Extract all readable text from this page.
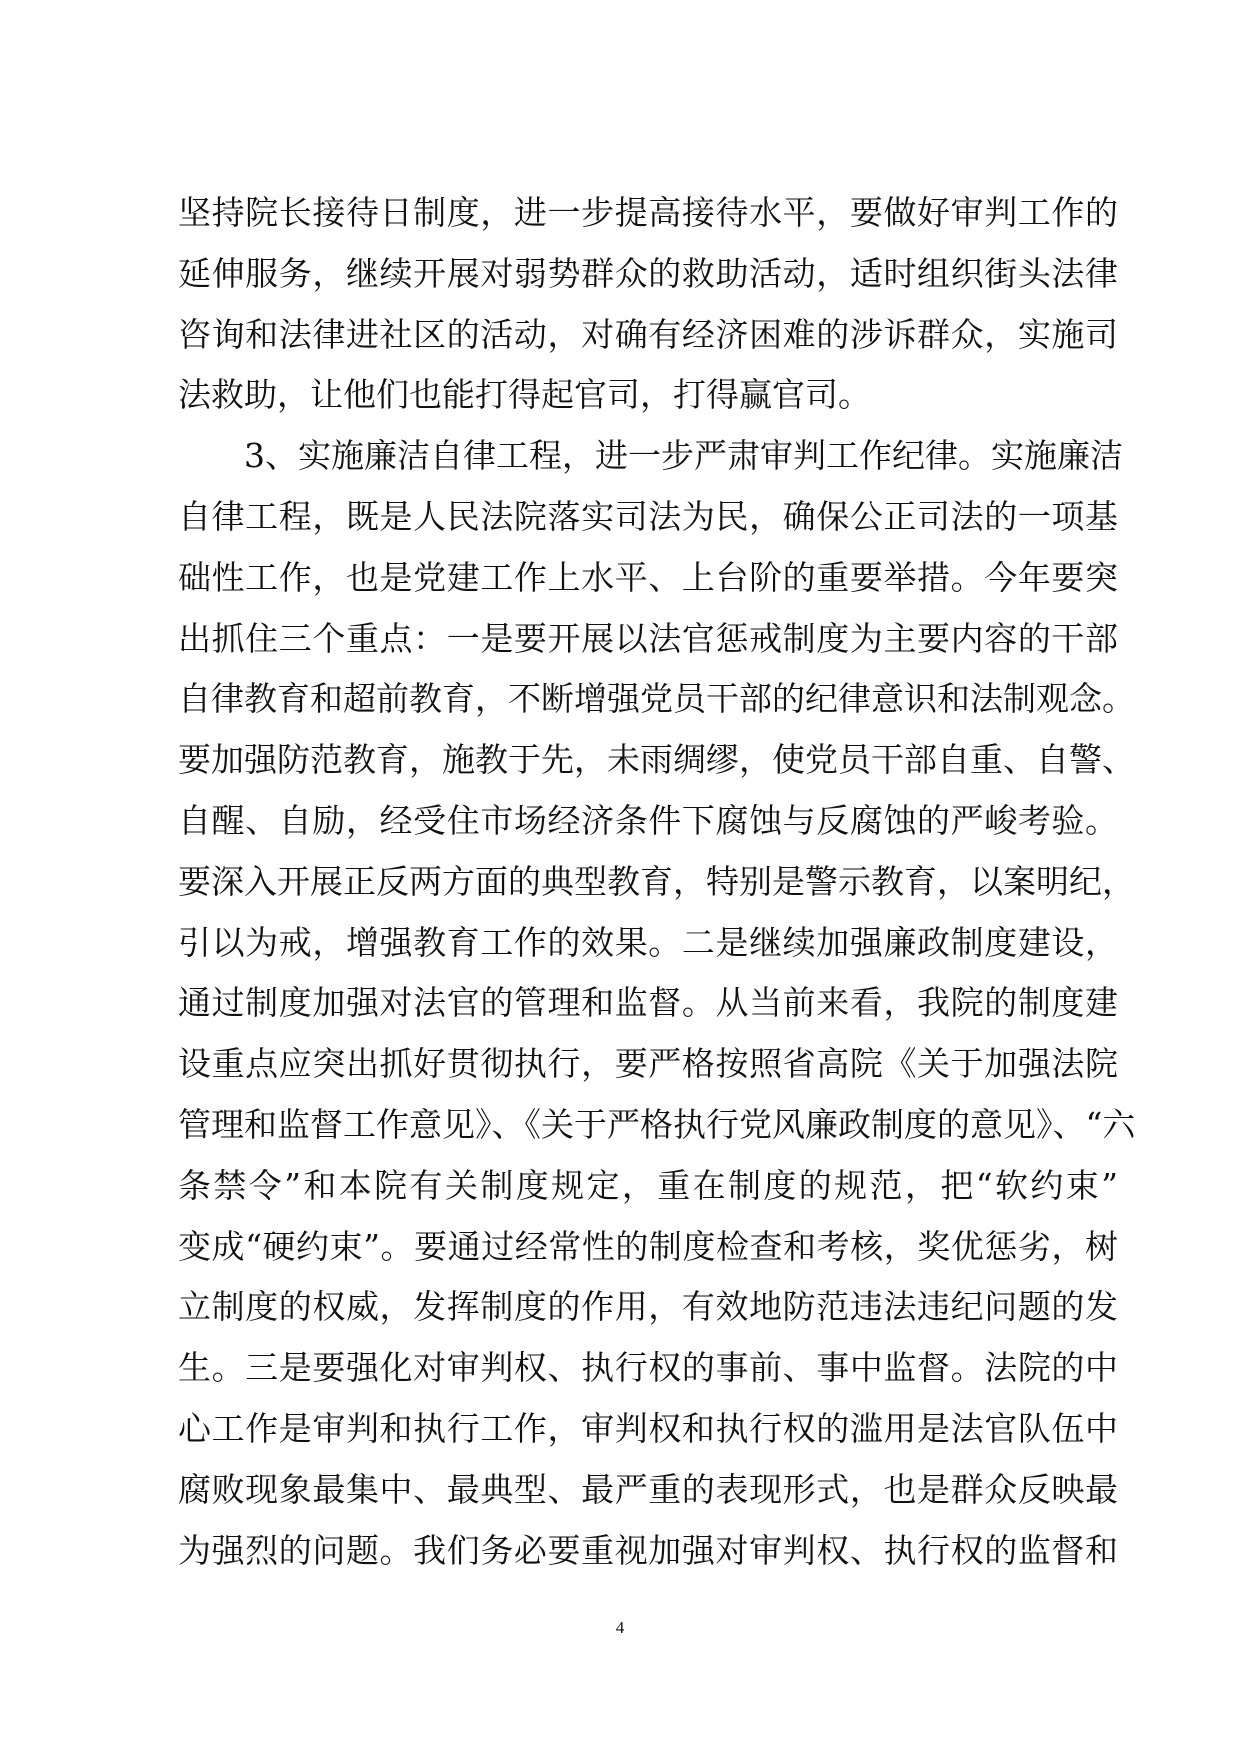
坚持院长接待日制度，进一步提高接待水平，要做好审判工作的
延伸服务，继续开展对弱势群众的救助活动，适时组织街头法律
咨询和法律进社区的活动，对确有经济困难的涉诉群众，实施司
法救助，让他们也能打得起官司，打得赢官司。
3、实施廉洁自律工程，进一步严肃审判工作纪律。实施廉洁
自律工程，既是人民法院落实司法为民，确保公正司法的一项基
础性工作，也是党建工作上水平、上台阶的重要举措。今年要突
出抓住三个重点：一是要开展以法官惩戒制度为主要内容的干部
自律教育和超前教育，不断增强党员干部的纪律意识和法制观念。
要加强防范教育，施教于先，未雨绸缪，使党员干部自重、自警、
自醒、自励，经受住市场经济条件下腐蚀与反腐蚀的严峻考验。
要深入开展正反两方面的典型教育，特别是警示教育，以案明纪，
引以为戒，增强教育工作的效果。二是继续加强廉政制度建设，
通过制度加强对法官的管理和监督。从当前来看，我院的制度建
设重点应突出抓好贯彻执行，要严格按照省高院《关于加强法院
管理和监督工作意见》、《关于严格执行党风廉政制度的意见》、“六
条禁令”和本院有关制度规定，重在制度的规范，把“软约束”
变成“硬约束”。要通过经常性的制度检查和考核，奖优惩劣，树
立制度的权威，发挥制度的作用，有效地防范违法违纪问题的发
生。三是要强化对审判权、执行权的事前、事中监督。法院的中
心工作是审判和执行工作，审判权和执行权的滥用是法官队伍中
腐败现象最集中、最典型、最严重的表现形式，也是群众反映最
为强烈的问题。我们务必要重视加强对审判权、执行权的监督和
4
